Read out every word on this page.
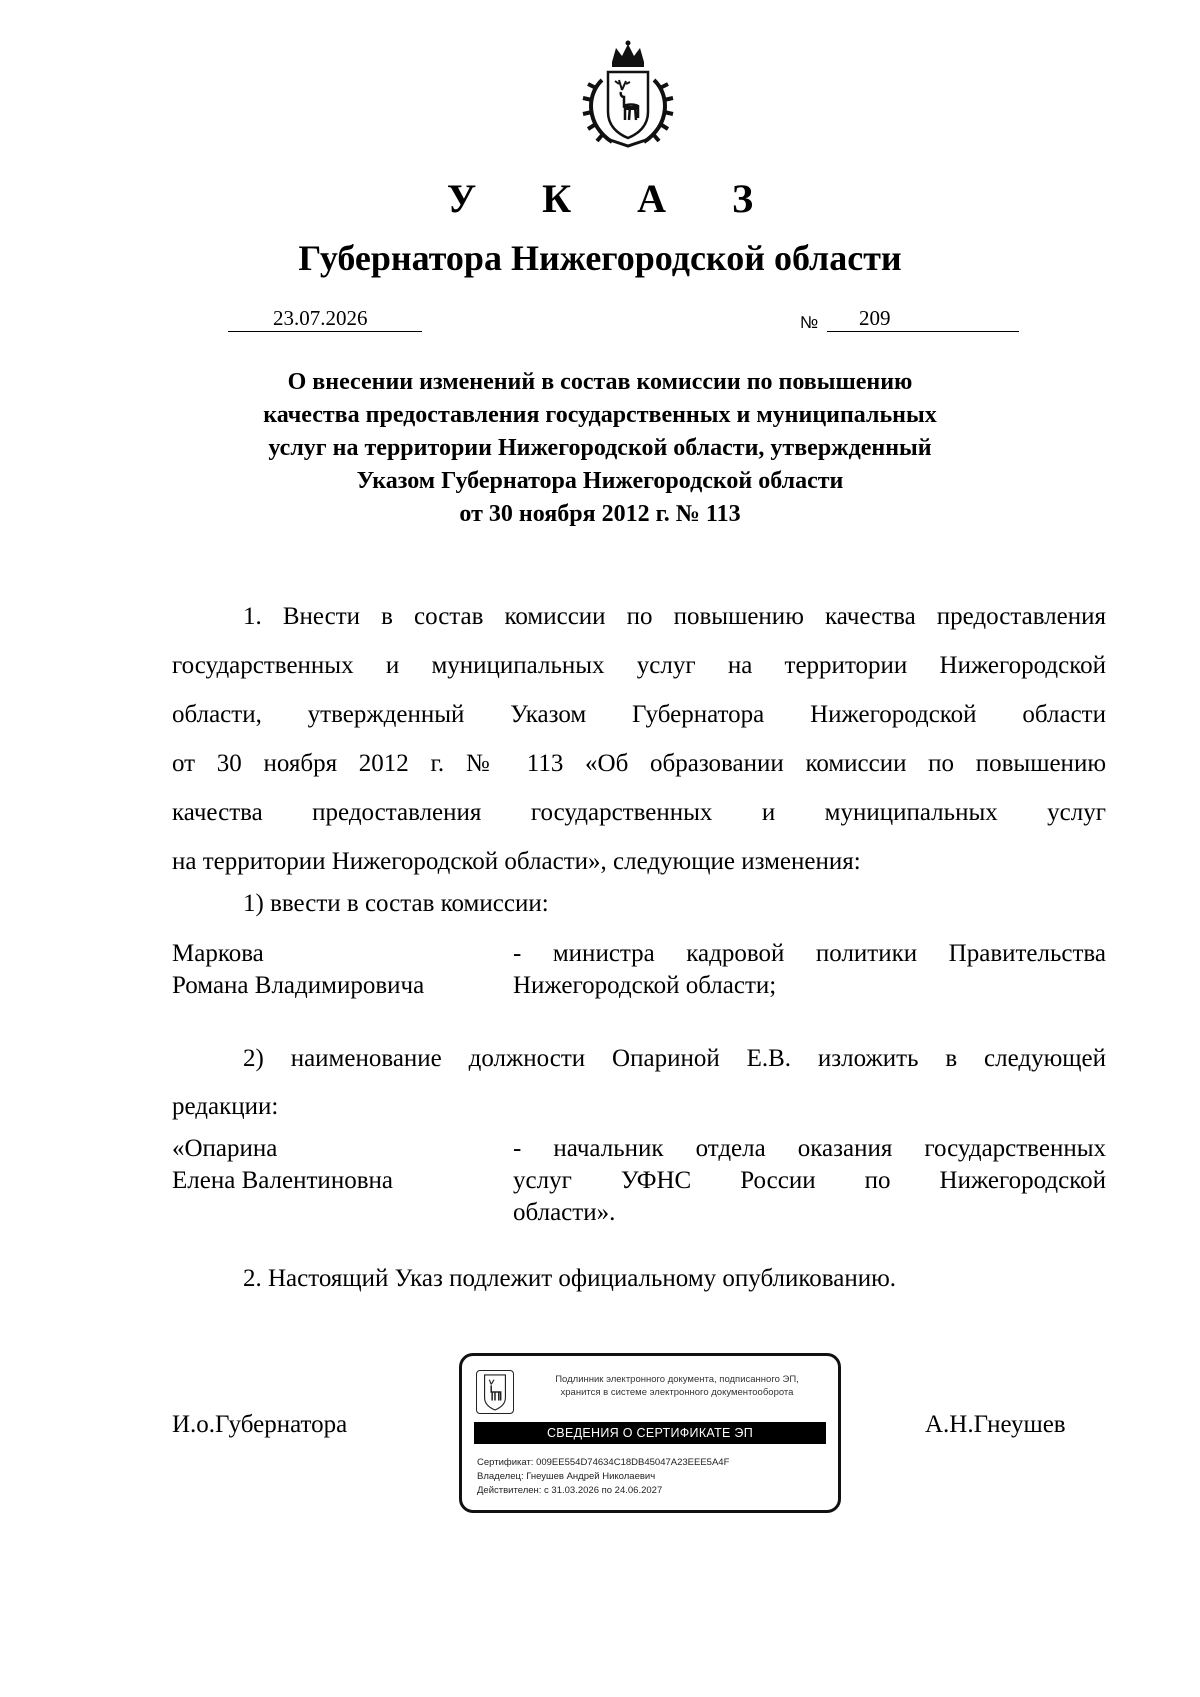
У К А З
Губернатора Нижегородской области
23.07.2026	№	209
О внесении изменений в состав комиссии по повышению
качества предоставления государственных и муниципальных
услуг на территории Нижегородской области, утвержденный
Указом Губернатора Нижегородской области
от 30 ноября 2012 г. № 113
1. Внести в состав комиссии по повышению качества предоставления
государственных и муниципальных услуг на территории Нижегородской
области, утвержденный Указом Губернатора Нижегородской области
от 30 ноября 2012 г. № 113 «Об образовании комиссии по повышению
качества предоставления государственных и муниципальных услуг
на территории Нижегородской области», следующие изменения:
1) ввести в состав комиссии:
Маркова
Романа Владимировича
- министра кадровой политики Правительства
Нижегородской области;
2) наименование должности Опариной Е.В. изложить в следующей
редакции:
«Опарина
Елена Валентиновна
- начальник отдела оказания государственных
услуг УФНС России по Нижегородской
области».
2. Настоящий Указ подлежит официальному опубликованию.
И.о.Губернатора
Подлинник электронного документа, подписанного ЭП,
хранится в системе электронного документооборота
СВЕДЕНИЯ О СЕРТИФИКАТЕ ЭП
Сертификат: 009EE554D74634C18DB45047A23EEE5A4F
Владелец: Гнеушев Андрей Николаевич
Действителен: с 31.03.2026 по 24.06.2027
А.Н.Гнеушев
